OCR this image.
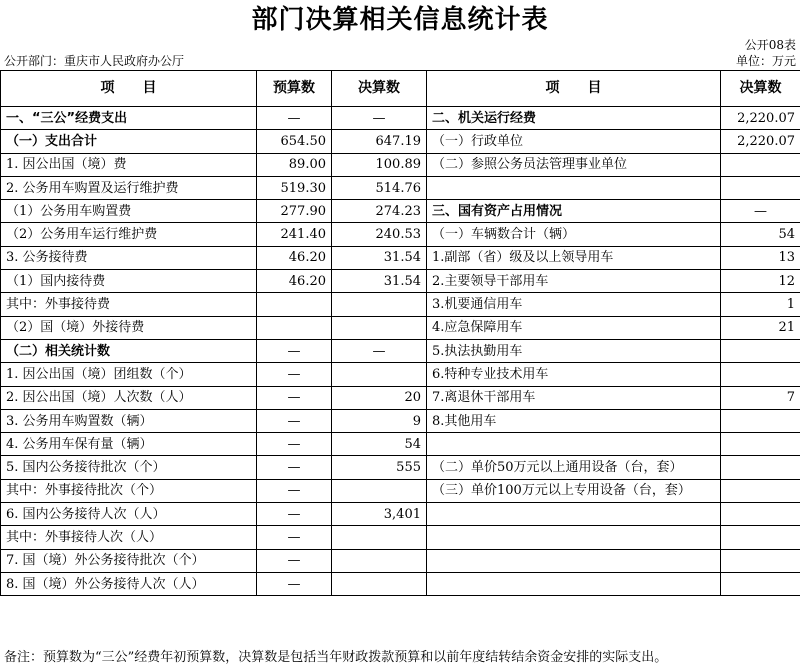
部门决算相关信息统计表
公开08表
公开部门：重庆市人民政府办公厅	单位：万元
项　　目	预算数	决算数	项　　目	决算数
一、“三公”经费支出	—	—	二、机关运行经费	2,220.07
（一）支出合计	654.50	647.19	（一）行政单位	2,220.07
1. 因公出国（境）费	89.00	100.89	（二）参照公务员法管理事业单位	
2. 公务用车购置及运行维护费	519.30	514.76		
（1）公务用车购置费	277.90	274.23	三、国有资产占用情况	—
（2）公务用车运行维护费	241.40	240.53	（一）车辆数合计（辆）	54
3. 公务接待费	46.20	31.54	1.副部（省）级及以上领导用车	13
（1）国内接待费	46.20	31.54	2.主要领导干部用车	12
其中：外事接待费			3.机要通信用车	1
（2）国（境）外接待费			4.应急保障用车	21
（二）相关统计数	—	—	5.执法执勤用车	
1. 因公出国（境）团组数（个）	—		6.特种专业技术用车	
2. 因公出国（境）人次数（人）	—	20	7.离退休干部用车	7
3. 公务用车购置数（辆）	—	9	8.其他用车	
4. 公务用车保有量（辆）	—	54		
5. 国内公务接待批次（个）	—	555	（二）单价50万元以上通用设备（台，套）	
其中：外事接待批次（个）	—		（三）单价100万元以上专用设备（台，套）	
6. 国内公务接待人次（人）	—	3,401		
其中：外事接待人次（人）	—			
7. 国（境）外公务接待批次（个）	—			
8. 国（境）外公务接待人次（人）	—			
备注：预算数为“三公”经费年初预算数，决算数是包括当年财政拨款预算和以前年度结转结余资金安排的实际支出。
